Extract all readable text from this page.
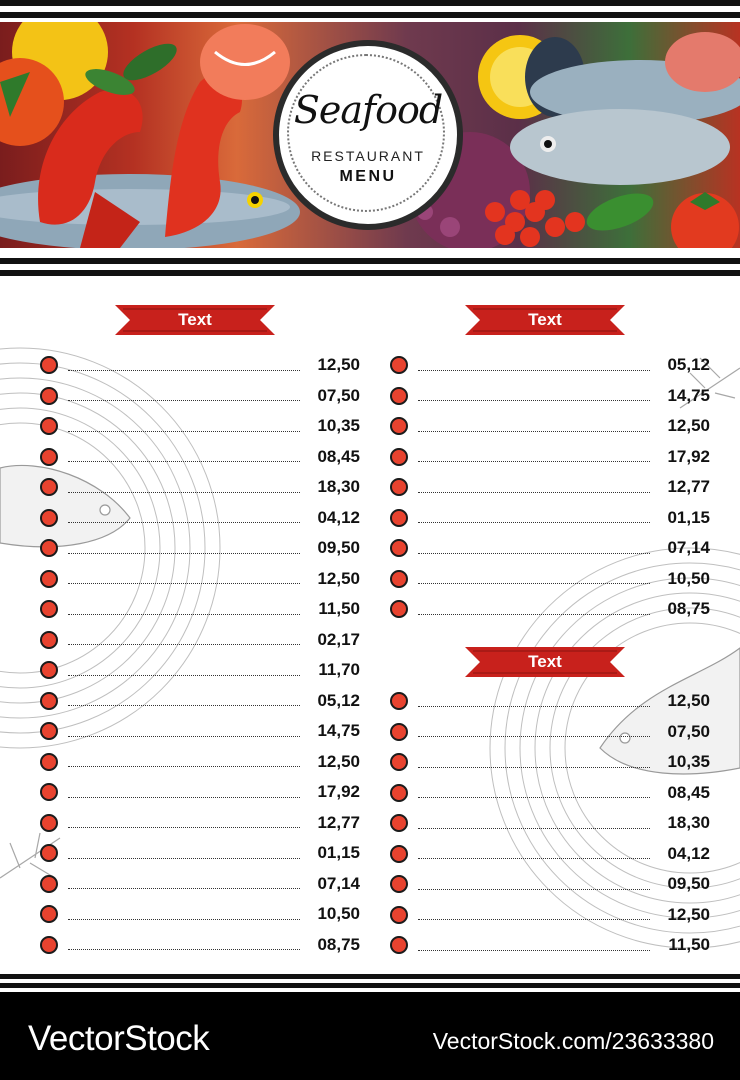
Seafood
RESTAURANT
MENU
Text	Text
Text
12,50
07,50
10,35
08,45
18,30
04,12
09,50
12,50
11,50
02,17
11,70
05,12
14,75
12,50
17,92
12,77
01,15
07,14
10,50
08,75
05,12
14,75
12,50
17,92
12,77
01,15
07,14
10,50
08,75
12,50
07,50
10,35
08,45
18,30
04,12
09,50
12,50
11,50
VectorStock	VectorStock.com/23633380
